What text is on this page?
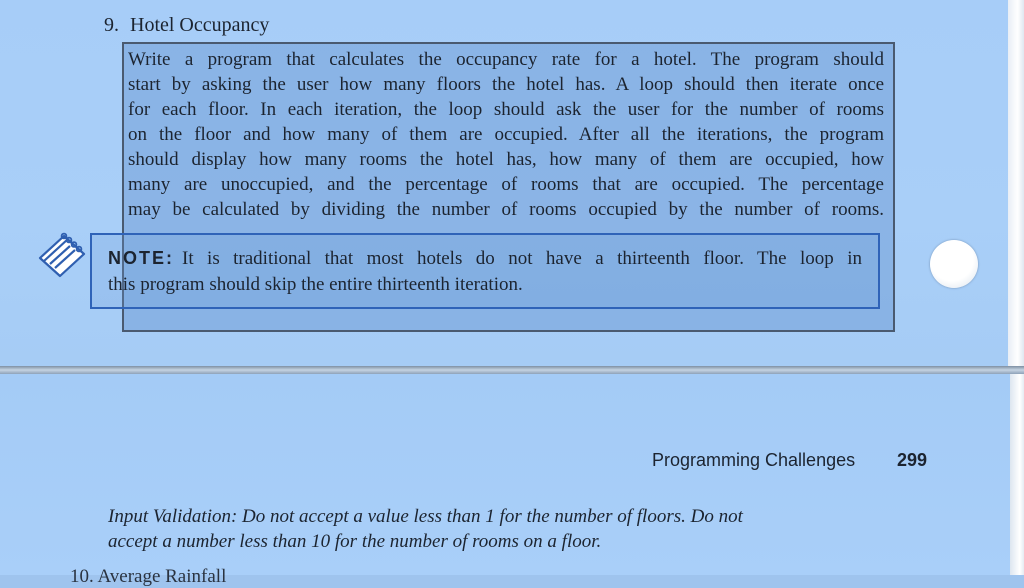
9. Hotel Occupancy
Write a program that calculates the occupancy rate for a hotel. The program should
start by asking the user how many floors the hotel has. A loop should then iterate once
for each floor. In each iteration, the loop should ask the user for the number of rooms
on the floor and how many of them are occupied. After all the iterations, the program
should display how many rooms the hotel has, how many of them are occupied, how
many are unoccupied, and the percentage of rooms that are occupied. The percentage
may be calculated by dividing the number of rooms occupied by the number of rooms.
NOTE: It is traditional that most hotels do not have a thirteenth floor. The loop in
this program should skip the entire thirteenth iteration.
Programming Challenges 299
Input Validation: Do not accept a value less than 1 for the number of floors. Do not
accept a number less than 10 for the number of rooms on a floor.
10. Average Rainfall
